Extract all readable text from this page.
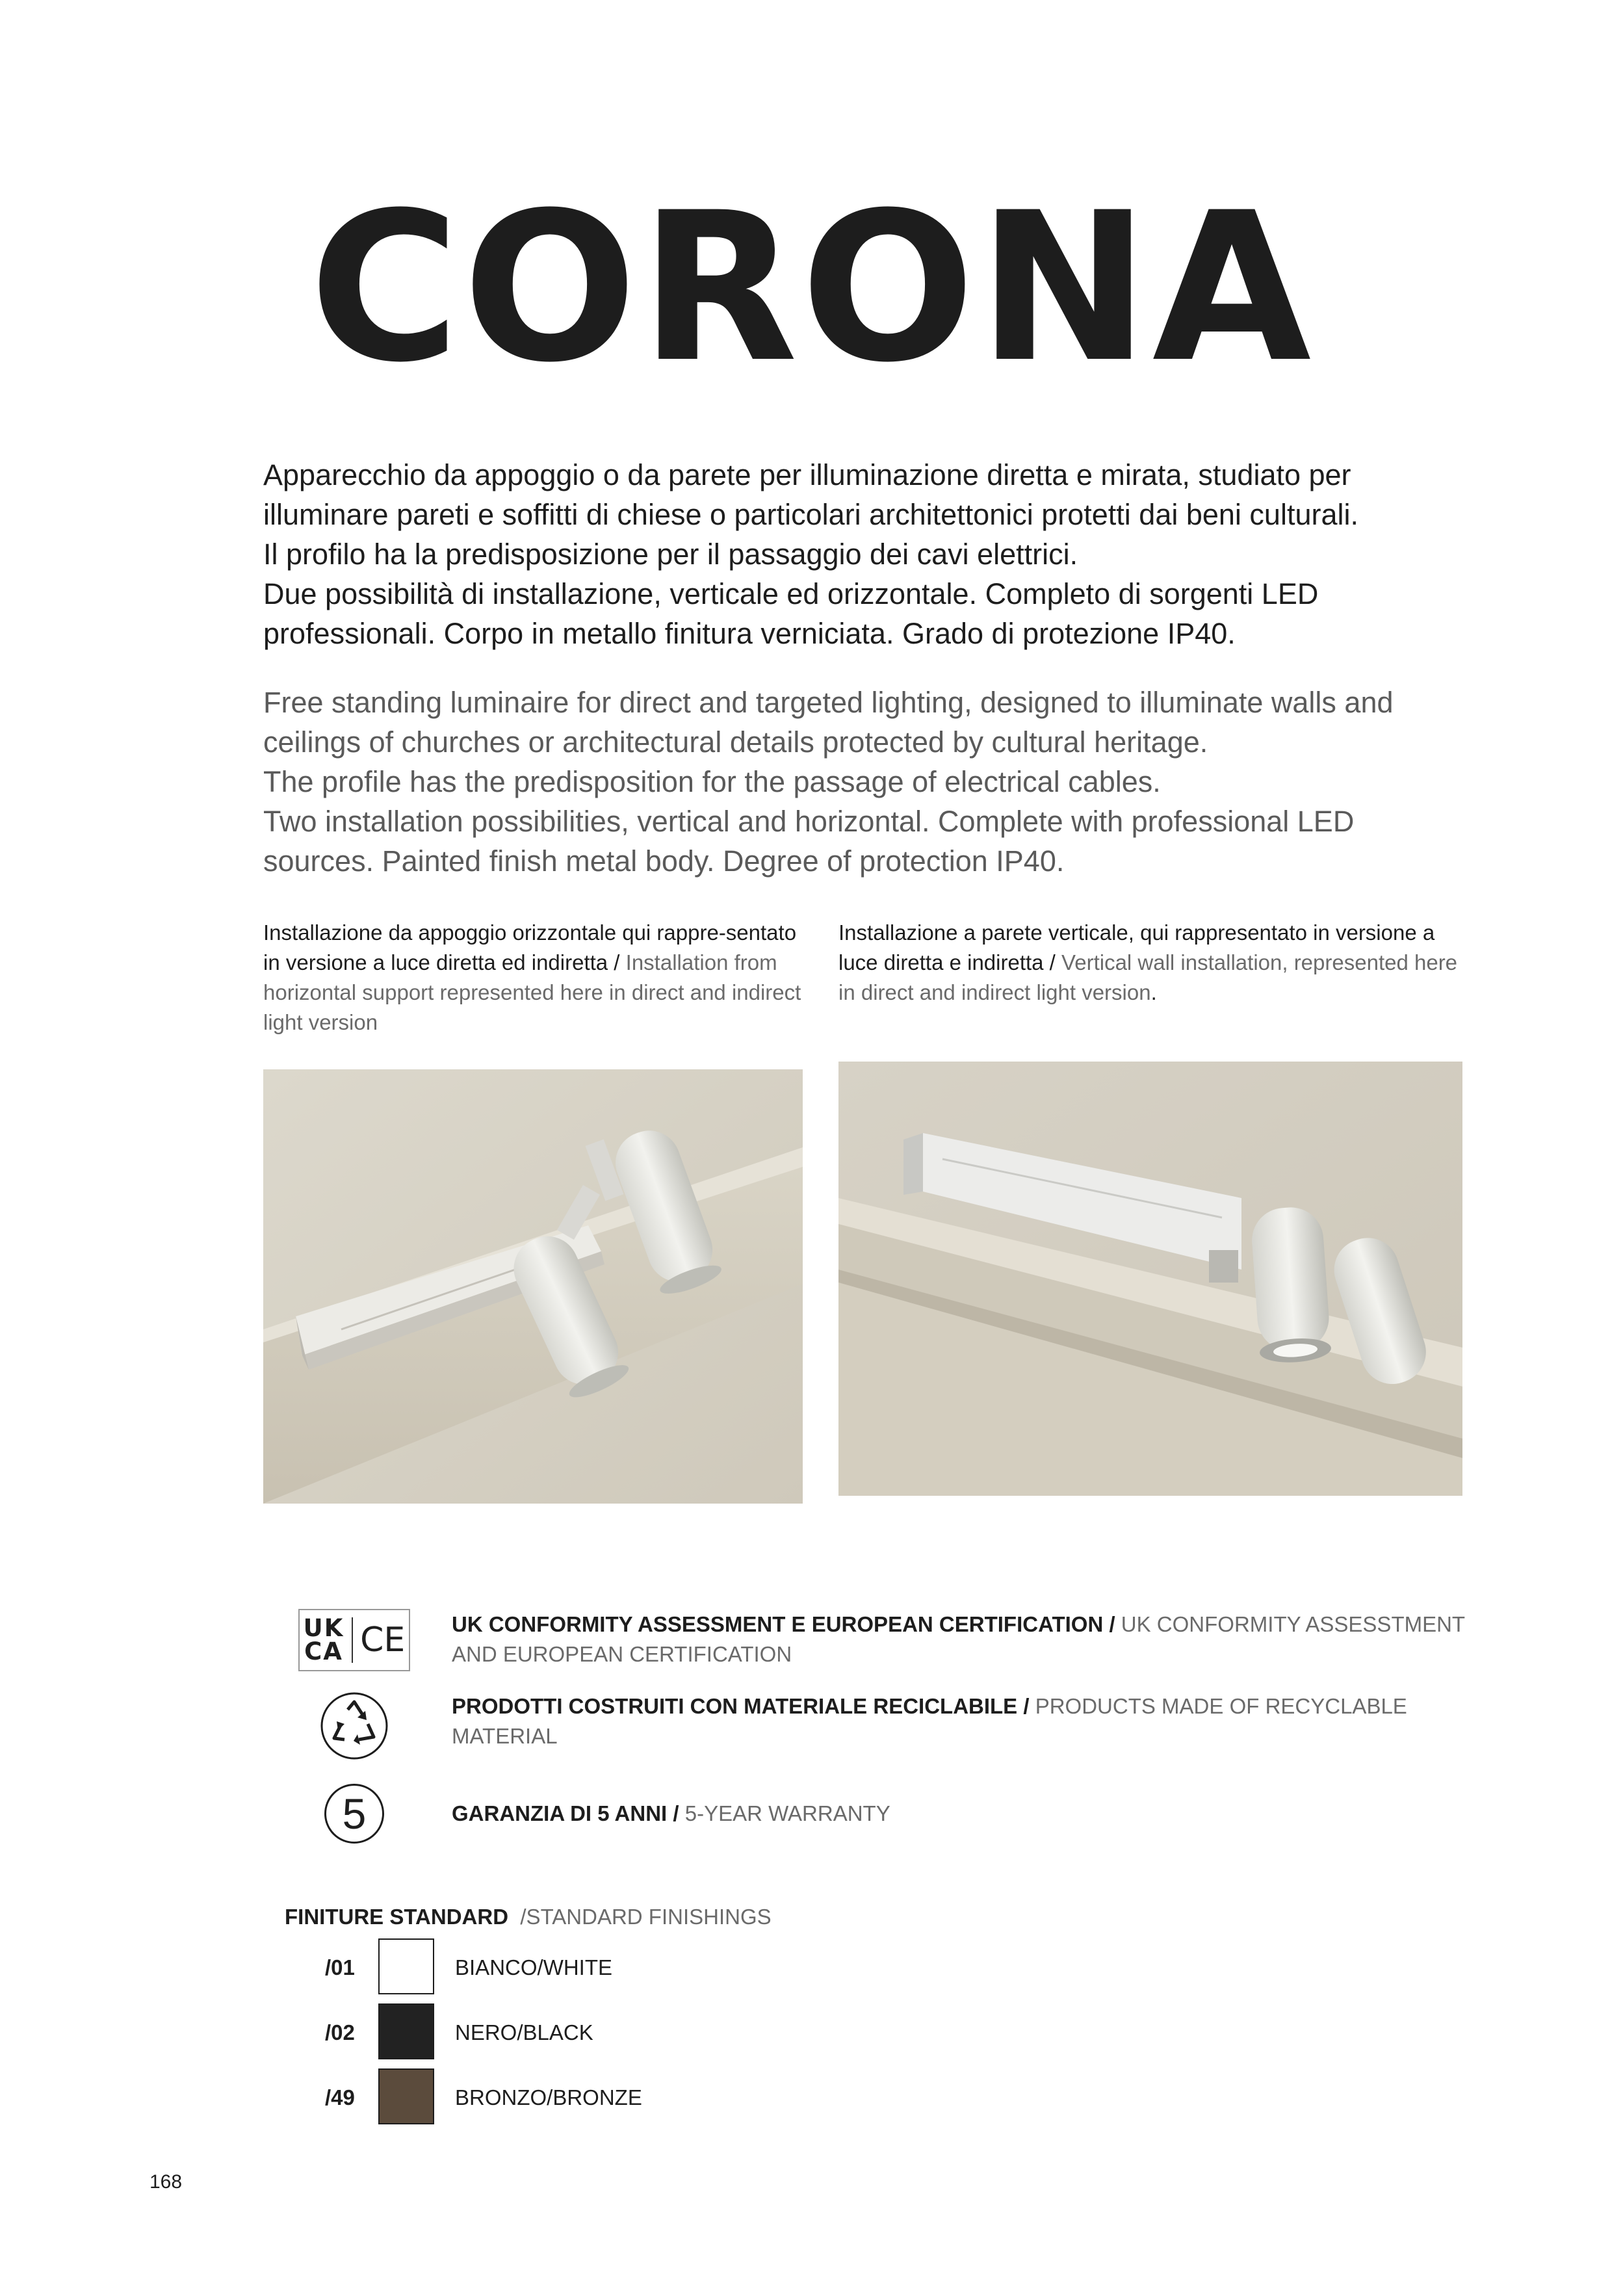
CORONA
Apparecchio da appoggio o da parete per illuminazione diretta e mirata, studiato per
illuminare pareti e soffitti di chiese o particolari architettonici protetti dai beni culturali.
Il profilo ha la predisposizione per il passaggio dei cavi elettrici.
Due possibilità di installazione, verticale ed orizzontale. Completo di sorgenti LED
professionali. Corpo in metallo finitura verniciata. Grado di protezione IP40.
Free standing luminaire for direct and targeted lighting, designed to illuminate walls and
ceilings of churches or architectural details protected by cultural heritage.
The profile has the predisposition for the passage of electrical cables.
Two installation possibilities, vertical and horizontal. Complete with professional LED
sources. Painted finish metal body. Degree of protection IP40.
Installazione da appoggio orizzontale qui rappre-sentato in versione a luce diretta ed indiretta / Installation from horizontal support represented here in direct and indirect light version
Installazione a parete verticale, qui rappresentato in versione a luce diretta e indiretta / Vertical wall installation, represented here in direct and indirect light version.
UK
CA CE UK CONFORMITY ASSESSMENT E EUROPEAN CERTIFICATION / UK CONFORMITY ASSESSTMENT AND EUROPEAN CERTIFICATION
PRODOTTI COSTRUITI CON MATERIALE RECICLABILE / PRODUCTS MADE OF RECYCLABLE MATERIAL
5	GARANZIA DI 5 ANNI / 5-YEAR WARRANTY
FINITURE STANDARD /STANDARD FINISHINGS
/01	BIANCO/WHITE
/02	NERO/BLACK
/49	BRONZO/BRONZE
168
